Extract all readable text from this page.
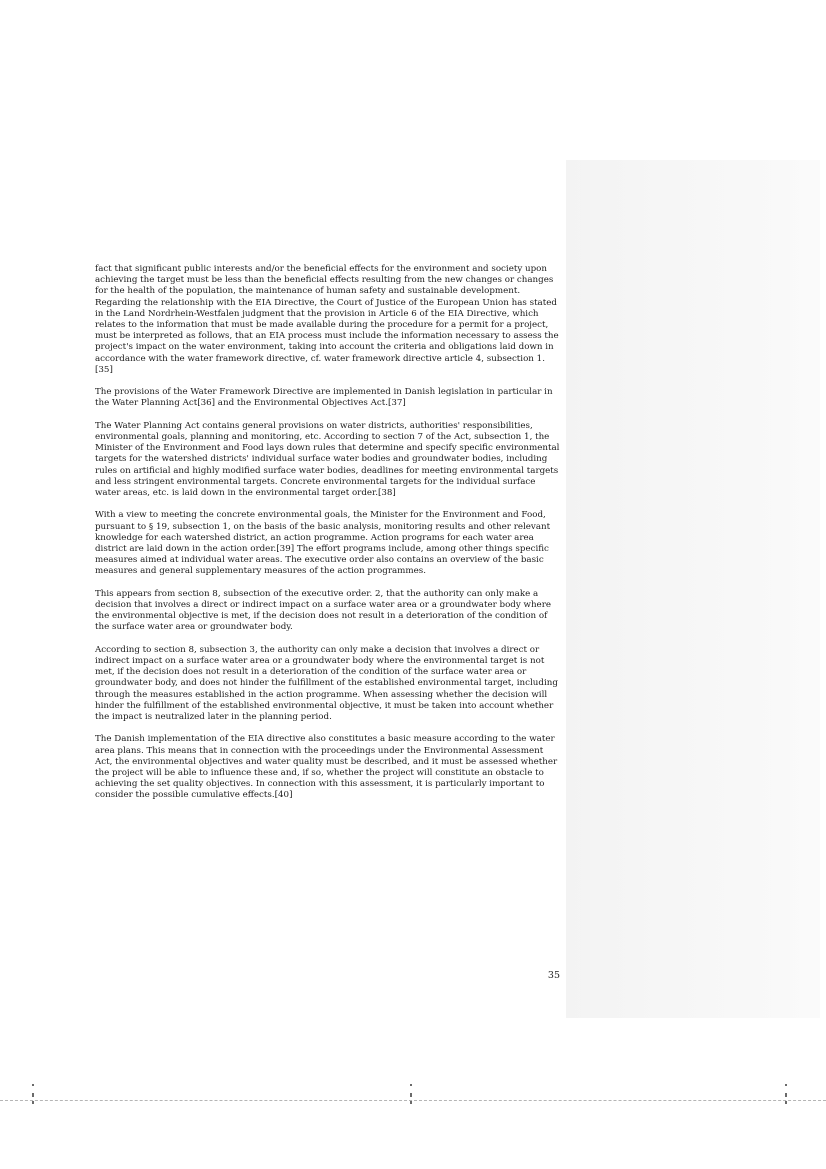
fact that significant public interests and/or the beneficial effects for the environment and society upon achieving the target must be less than the beneficial effects resulting from the new changes or changes for the health of the population, the maintenance of human safety and sustainable development. Regarding the relationship with the EIA Directive, the Court of Justice of the European Union has stated in the Land Nordrhein-Westfalen judgment that the provision in Article 6 of the EIA Directive, which relates to the information that must be made available during the procedure for a permit for a project, must be interpreted as follows, that an EIA process must include the information necessary to assess the project's impact on the water environment, taking into account the criteria and obligations laid down in accordance with the water framework directive, cf. water framework directive article 4, subsection 1.[35]

The provisions of the Water Framework Directive are implemented in Danish legislation in particular in the Water Planning Act[36] and the Environmental Objectives Act.[37]

The Water Planning Act contains general provisions on water districts, authorities' responsibilities, environmental goals, planning and monitoring, etc. According to section 7 of the Act, subsection 1, the Minister of the Environment and Food lays down rules that determine and specify specific environmental targets for the watershed districts' individual surface water bodies and groundwater bodies, including rules on artificial and highly modified surface water bodies, deadlines for meeting environmental targets and less stringent environmental targets. Concrete environmental targets for the individual surface water areas, etc. is laid down in the environmental target order.[38]

With a view to meeting the concrete environmental goals, the Minister for the Environment and Food, pursuant to § 19, subsection 1, on the basis of the basic analysis, monitoring results and other relevant knowledge for each watershed district, an action programme. Action programs for each water area district are laid down in the action order.[39] The effort programs include, among other things specific measures aimed at individual water areas. The executive order also contains an overview of the basic measures and general supplementary measures of the action programmes.

This appears from section 8, subsection of the executive order. 2, that the authority can only make a decision that involves a direct or indirect impact on a surface water area or a groundwater body where the environmental objective is met, if the decision does not result in a deterioration of the condition of the surface water area or groundwater body.

According to section 8, subsection 3, the authority can only make a decision that involves a direct or indirect impact on a surface water area or a groundwater body where the environmental target is not met, if the decision does not result in a deterioration of the condition of the surface water area or groundwater body, and does not hinder the fulfillment of the established environmental target, including through the measures established in the action programme. When assessing whether the decision will hinder the fulfillment of the established environmental objective, it must be taken into account whether the impact is neutralized later in the planning period.

The Danish implementation of the EIA directive also constitutes a basic measure according to the water area plans. This means that in connection with the proceedings under the Environmental Assessment Act, the environmental objectives and water quality must be described, and it must be assessed whether the project will be able to influence these and, if so, whether the project will constitute an obstacle to achieving the set quality objectives. In connection with this assessment, it is particularly important to consider the possible cumulative effects.[40]

35
